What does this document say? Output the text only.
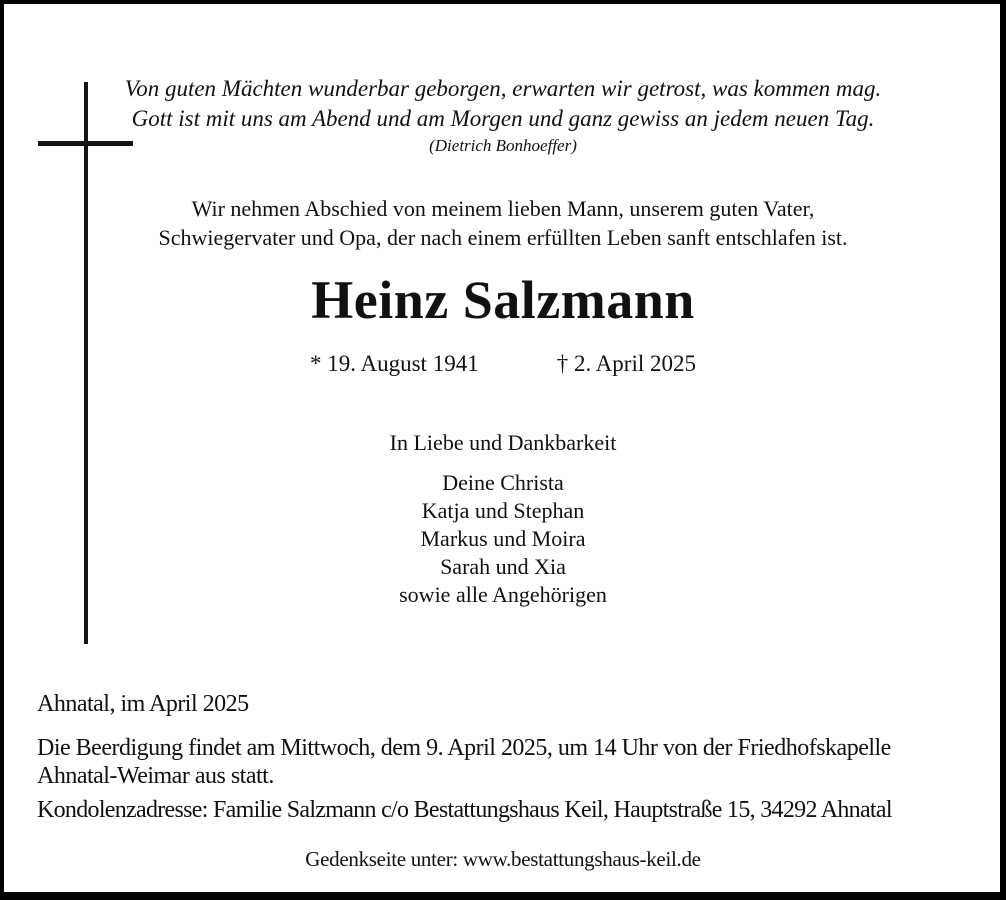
Von guten Mächten wunderbar geborgen, erwarten wir getrost, was kommen mag.
Gott ist mit uns am Abend und am Morgen und ganz gewiss an jedem neuen Tag.
(Dietrich Bonhoeffer)
Wir nehmen Abschied von meinem lieben Mann, unserem guten Vater,
Schwiegervater und Opa, der nach einem erfüllten Leben sanft entschlafen ist.
Heinz Salzmann
* 19. August 1941	† 2. April 2025
In Liebe und Dankbarkeit
Deine Christa
Katja und Stephan
Markus und Moira
Sarah und Xia
sowie alle Angehörigen
Ahnatal, im April 2025
Die Beerdigung findet am Mittwoch, dem 9. April 2025, um 14 Uhr von der Friedhofskapelle
Ahnatal-Weimar aus statt.
Kondolenzadresse: Familie Salzmann c/o Bestattungshaus Keil, Hauptstraße 15, 34292 Ahnatal
Gedenkseite unter: www.bestattungshaus-keil.de
